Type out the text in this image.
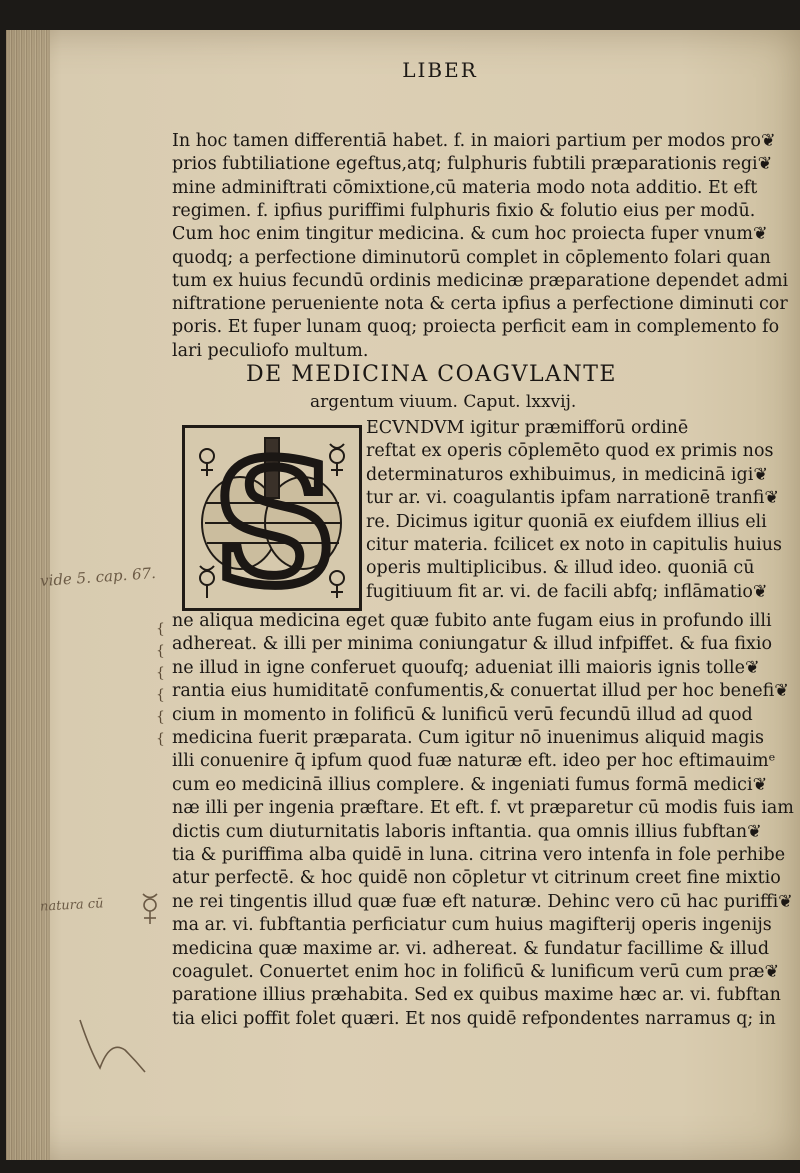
LIBER
In hoc tamen differentiā habet. f. in maiori partium per modos pro❦
prios fubtiliatione egeftus,atq; fulphuris fubtili præparationis regi❦
mine adminiftrati cōmixtione,cū materia modo nota additio. Et eft
regimen. f. ipfius puriffimi fulphuris fixio & folutio eius per modū.
Cum hoc enim tingitur medicina. & cum hoc proiecta fuper vnum❦
quodq; a perfectione diminutorū complet in cōplemento folari quan
tum ex huius fecundū ordinis medicinæ præparatione dependet admi
niftratione perueniente nota & certa ipfius a perfectione diminuti cor
poris. Et fuper lunam quoq; proiecta perficit eam in complemento fo
lari peculiofo multum.
DE MEDICINA COAGVLANTE
argentum viuum. Caput. lxxvij.
S ECVNDVM igitur præmifforū ordinē
reftat ex operis cōplemēto quod ex primis nos
determinaturos exhibuimus, in medicinā igi❦
tur ar. vi. coagulantis ipfam narrationē tranfi❦
re. Dicimus igitur quoniā ex eiufdem illius eli
citur materia. fcilicet ex noto in capitulis huius
operis multiplicibus. & illud ideo. quoniā cū
fugitiuum fit ar. vi. de facili abfq; inflāmatio❦
ne aliqua medicina eget quæ fubito ante fugam eius in profundo illi
adhereat. & illi per minima coniungatur & illud infpiffet. & fua fixio
ne illud in igne conferuet quoufq; adueniat illi maioris ignis tolle❦
rantia eius humiditatē confumentis,& conuertat illud per hoc benefi❦
cium in momento in folificū & lunificū verū fecundū illud ad quod
medicina fuerit præparata. Cum igitur nō inuenimus aliquid magis
illi conuenire q̄ ipfum quod fuæ naturæ eft. ideo per hoc eftimauimᵉ
cum eo medicinā illius complere. & ingeniati fumus formā medici❦
næ illi per ingenia præftare. Et eft. f. vt præparetur cū modis fuis iam
dictis cum diuturnitatis laboris inftantia. qua omnis illius fubftan❦
tia & puriffima alba quidē in luna. citrina vero intenfa in fole perhibe
atur perfectē. & hoc quidē non cōpletur vt citrinum creet fine mixtio
ne rei tingentis illud quæ fuæ eft naturæ. Dehinc vero cū hac puriffi❦
ma ar. vi. fubftantia perficiatur cum huius magifterij operis ingenijs
medicina quæ maxime ar. vi. adhereat. & fundatur facillime & illud
coagulet. Conuertet enim hoc in folificū & lunificum verū cum præ❦
paratione illius præhabita. Sed ex quibus maxime hæc ar. vi. fubftan
tia elici poffit folet quæri. Et nos quidē refpondentes narramus q; in
vide 5. cap. 67.
natura cū
{
{
{
{
{
{
